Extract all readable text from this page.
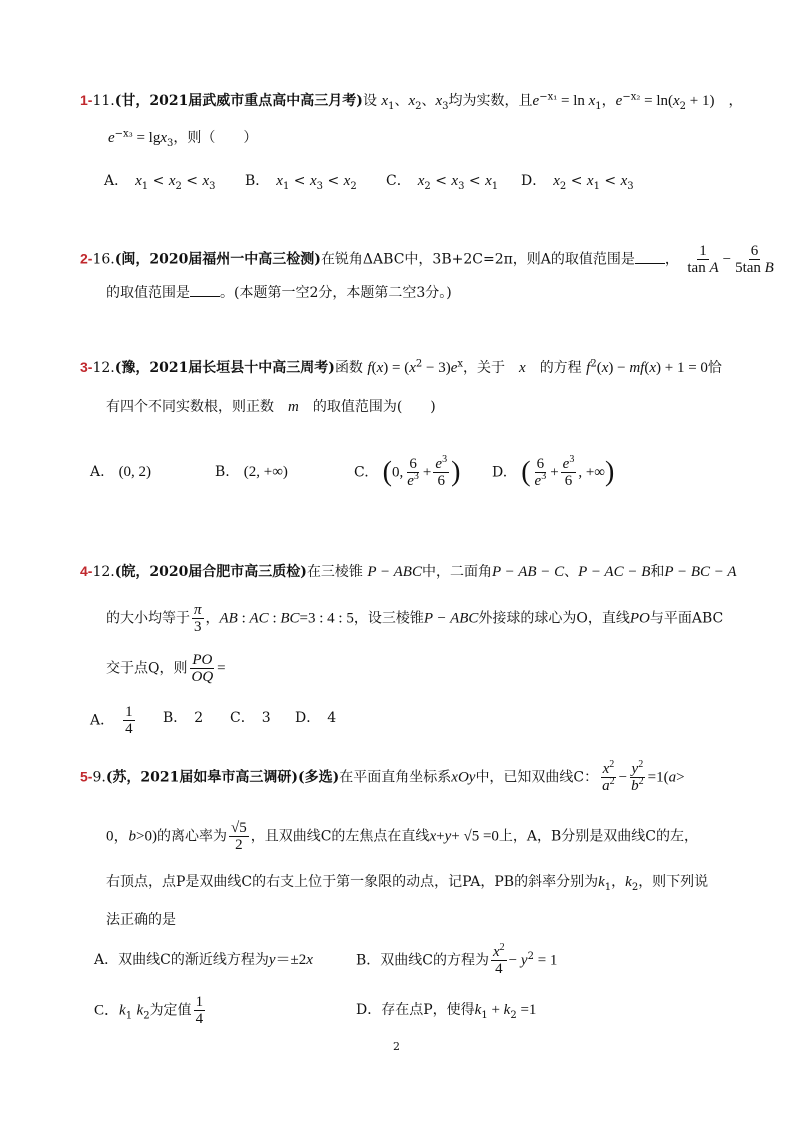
1-11.(甘，2021届武威市重点高中高三月考)设 $x_1$、$x_2$、$x_3$均为实数，且$e^{-x_1} = \ln x_1$，$e^{-x_2} = \ln(x_2 + 1)$　，
$e^{-x_3} = \lg x_3$，则（　　）
A．　 $x_1 < x_2 < x_3$ B．　 $x_1 < x_3 < x_2$ C．　 $x_2 < x_3 < x_1$ D．　 $x_2 < x_1 < x_3$
2-16.(闽，2020届福州一中高三检测)在锐角ΔABC中，3B+2C=2π，则A的取值范围是 ， $\frac{1}{\text{tan A}} - \frac{6}{\text{5tan B}}$
的取值范围是 。(本题第一空2分，本题第二空3分。)
3-12.(豫，2021届长垣县十中高三周考)函数 $f(x) = (x^2 - 3)e^x$，关于　 x　 的方程 $f^2(x) - mf(x) + 1 = 0$恰
有四个不同实数根，则正数　 m　 的取值范围为(　　)
A.　 (0, 2)	B.　 (2, +∞)	C.　 (0, $\frac{6}{e^3} + \frac{e^3}{6}$ ) D.　 ( $\frac{6}{e^3} + \frac{e^3}{6}$ , +∞)
4-12.(皖，2020届合肥市高三质检)在三棱锥 P − ABC中，二面角P − AB − C、P − AC − B和P − BC − A
的大小均等于 $\frac{\pi}{3}$ ，AB : AC : BC=3 : 4 : 5，设三棱锥P − ABC外接球的球心为O，直线PO与平面ABC
交于点Q，则 $\frac{PO}{OQ}$ =
A．　 $\frac{1}{4}$ B．　2 C．　3 D．　4
5-9.(苏，2021届如皋市高三调研)(多选)在平面直角坐标系xOy中，已知双曲线C： $\frac{x^2}{a^2} - \frac{y^2}{b^2} =1(a>$
0，b>0)的离心率为 $\frac{√5}{2}$ ，且双曲线C的左焦点在直线x+y+ √5 =0上，A，B分别是双曲线C的左，
右顶点，点P是双曲线C的右支上位于第一象限的动点，记PA，PB的斜率分别为$k_1$，$k_2$，则下列说
法正确的是
A．双曲线C的渐近线方程为y＝±2x	B．双曲线C的方程为 $\frac{x^2}{4} - y^2 = 1$
C．$k_1$ $k_2$为定值 $\frac{1}{4}$	D．存在点P，使得$k_1 + k_2 =1$
2
